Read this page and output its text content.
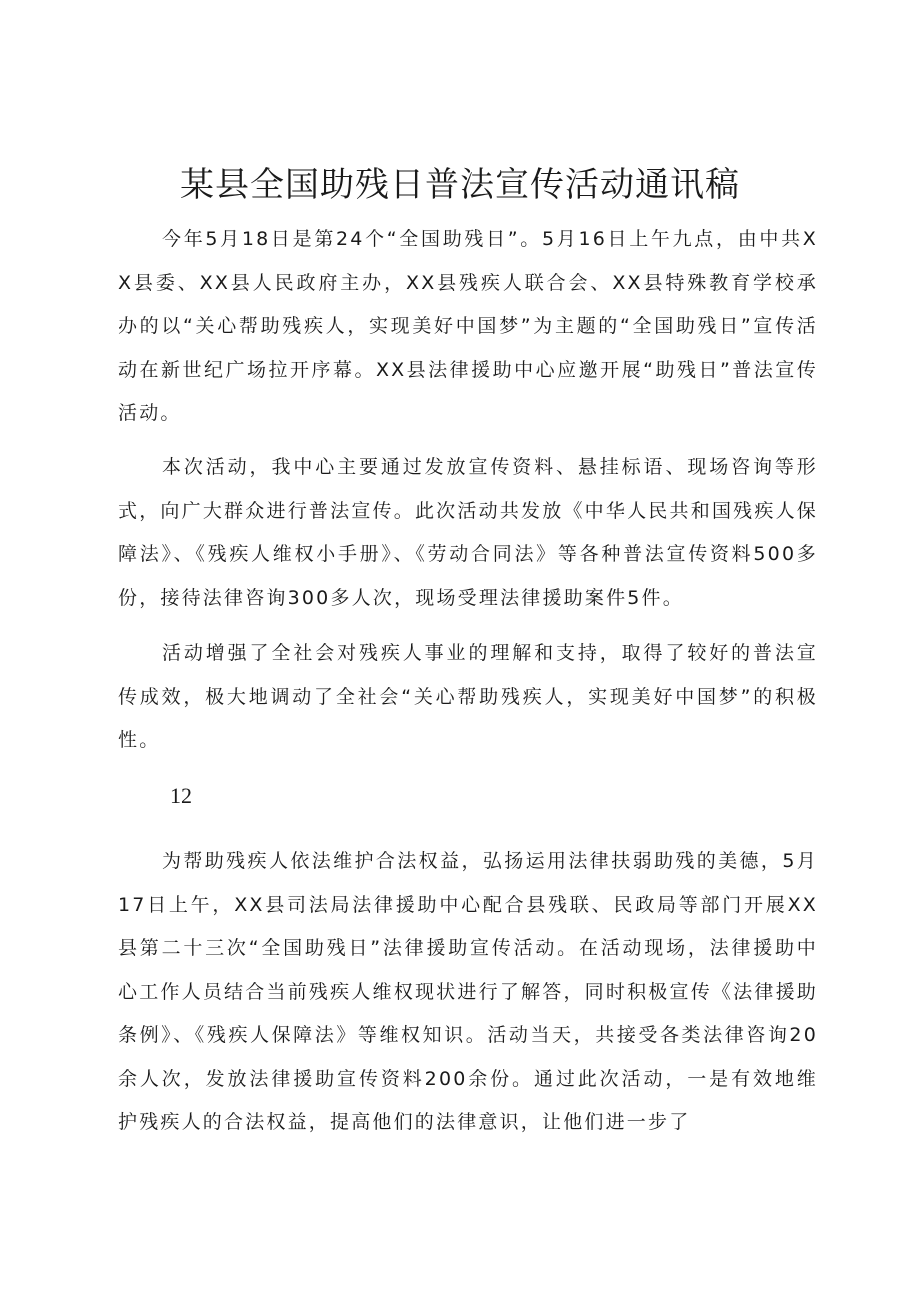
某县全国助残日普法宣传活动通讯稿

今年5月18日是第24个“全国助残日”。5月16日上午九点，由中共XX县委、XX县人民政府主办，XX县残疾人联合会、XX县特殊教育学校承办的以“关心帮助残疾人，实现美好中国梦”为主题的“全国助残日”宣传活动在新世纪广场拉开序幕。XX县法律援助中心应邀开展“助残日”普法宣传活动。

本次活动，我中心主要通过发放宣传资料、悬挂标语、现场咨询等形式，向广大群众进行普法宣传。此次活动共发放《中华人民共和国残疾人保障法》、《残疾人维权小手册》、《劳动合同法》等各种普法宣传资料500多份，接待法律咨询300多人次，现场受理法律援助案件5件。

活动增强了全社会对残疾人事业的理解和支持，取得了较好的普法宣传成效，极大地调动了全社会“关心帮助残疾人，实现美好中国梦”的积极性。

12

为帮助残疾人依法维护合法权益，弘扬运用法律扶弱助残的美德，5月17日上午，XX县司法局法律援助中心配合县残联、民政局等部门开展XX县第二十三次“全国助残日”法律援助宣传活动。在活动现场，法律援助中心工作人员结合当前残疾人维权现状进行了解答，同时积极宣传《法律援助条例》、《残疾人保障法》等维权知识。活动当天，共接受各类法律咨询20余人次，发放法律援助宣传资料200余份。通过此次活动，一是有效地维护残疾人的合法权益，提高他们的法律意识，让他们进一步了
